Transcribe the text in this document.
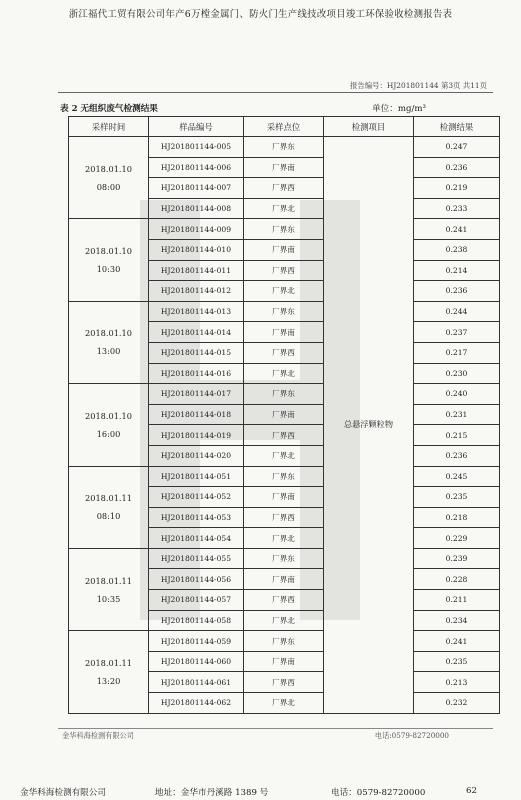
浙江福代工贸有限公司年产6万樘金属门、防火门生产线技改项目竣工环保验收检测报告表
报告编号：HJ201801144 第3页 共11页
表 2 无组织废气检测结果	单位：mg/m³
采样时间	样品编号	采样点位	检测项目	检测结果

2018.01.10
08:00	HJ201801144-005	厂界东	总悬浮颗粒物	0.247
	HJ201801144-006	厂界南		0.236
	HJ201801144-007	厂界西		0.219
	HJ201801144-008	厂界北		0.233

2018.01.10
10:30	HJ201801144-009	厂界东		0.241
	HJ201801144-010	厂界南		0.238
	HJ201801144-011	厂界西		0.214
	HJ201801144-012	厂界北		0.236

2018.01.10
13:00	HJ201801144-013	厂界东		0.244
	HJ201801144-014	厂界南		0.237
	HJ201801144-015	厂界西		0.217
	HJ201801144-016	厂界北		0.230

2018.01.10
16:00	HJ201801144-017	厂界东		0.240
	HJ201801144-018	厂界南		0.231
	HJ201801144-019	厂界西		0.215
	HJ201801144-020	厂界北		0.236

2018.01.11
08:10	HJ201801144-051	厂界东		0.245
	HJ201801144-052	厂界南		0.235
	HJ201801144-053	厂界西		0.218
	HJ201801144-054	厂界北		0.229

2018.01.11
10:35	HJ201801144-055	厂界东		0.239
	HJ201801144-056	厂界南		0.228
	HJ201801144-057	厂界西		0.211
	HJ201801144-058	厂界北		0.234

2018.01.11
13:20	HJ201801144-059	厂界东		0.241
	HJ201801144-060	厂界南		0.235
	HJ201801144-061	厂界西		0.213
	HJ201801144-062	厂界北		0.232
金华科海检测有限公司	电话:0579-82720000
金华科海检测有限公司	地址：金华市丹溪路 1389 号	电话：0579-82720000	62
